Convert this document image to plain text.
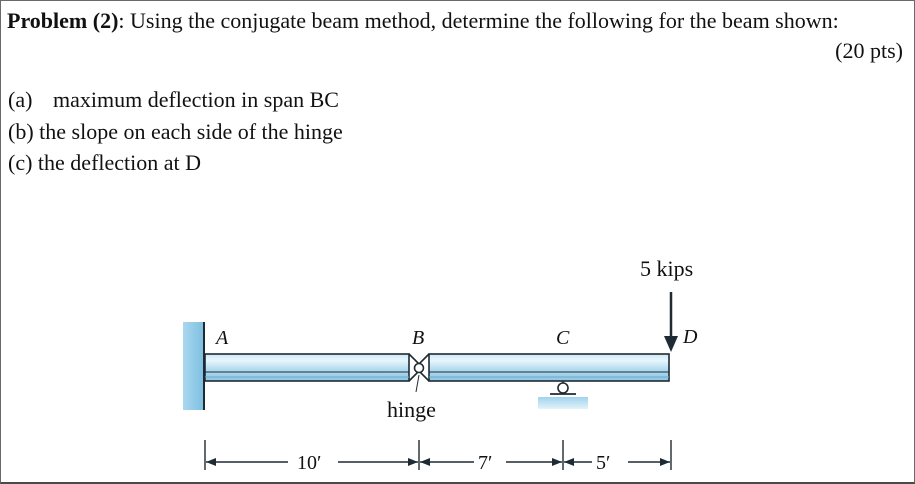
Problem (2): Using the conjugate beam method, determine the following for the beam shown:
(20 pts)
(a) maximum deflection in span BC
(b) the slope on each side of the hinge
(c) the deflection at D
5 kips
A	B	C	D
hinge
10′	7′	5′
